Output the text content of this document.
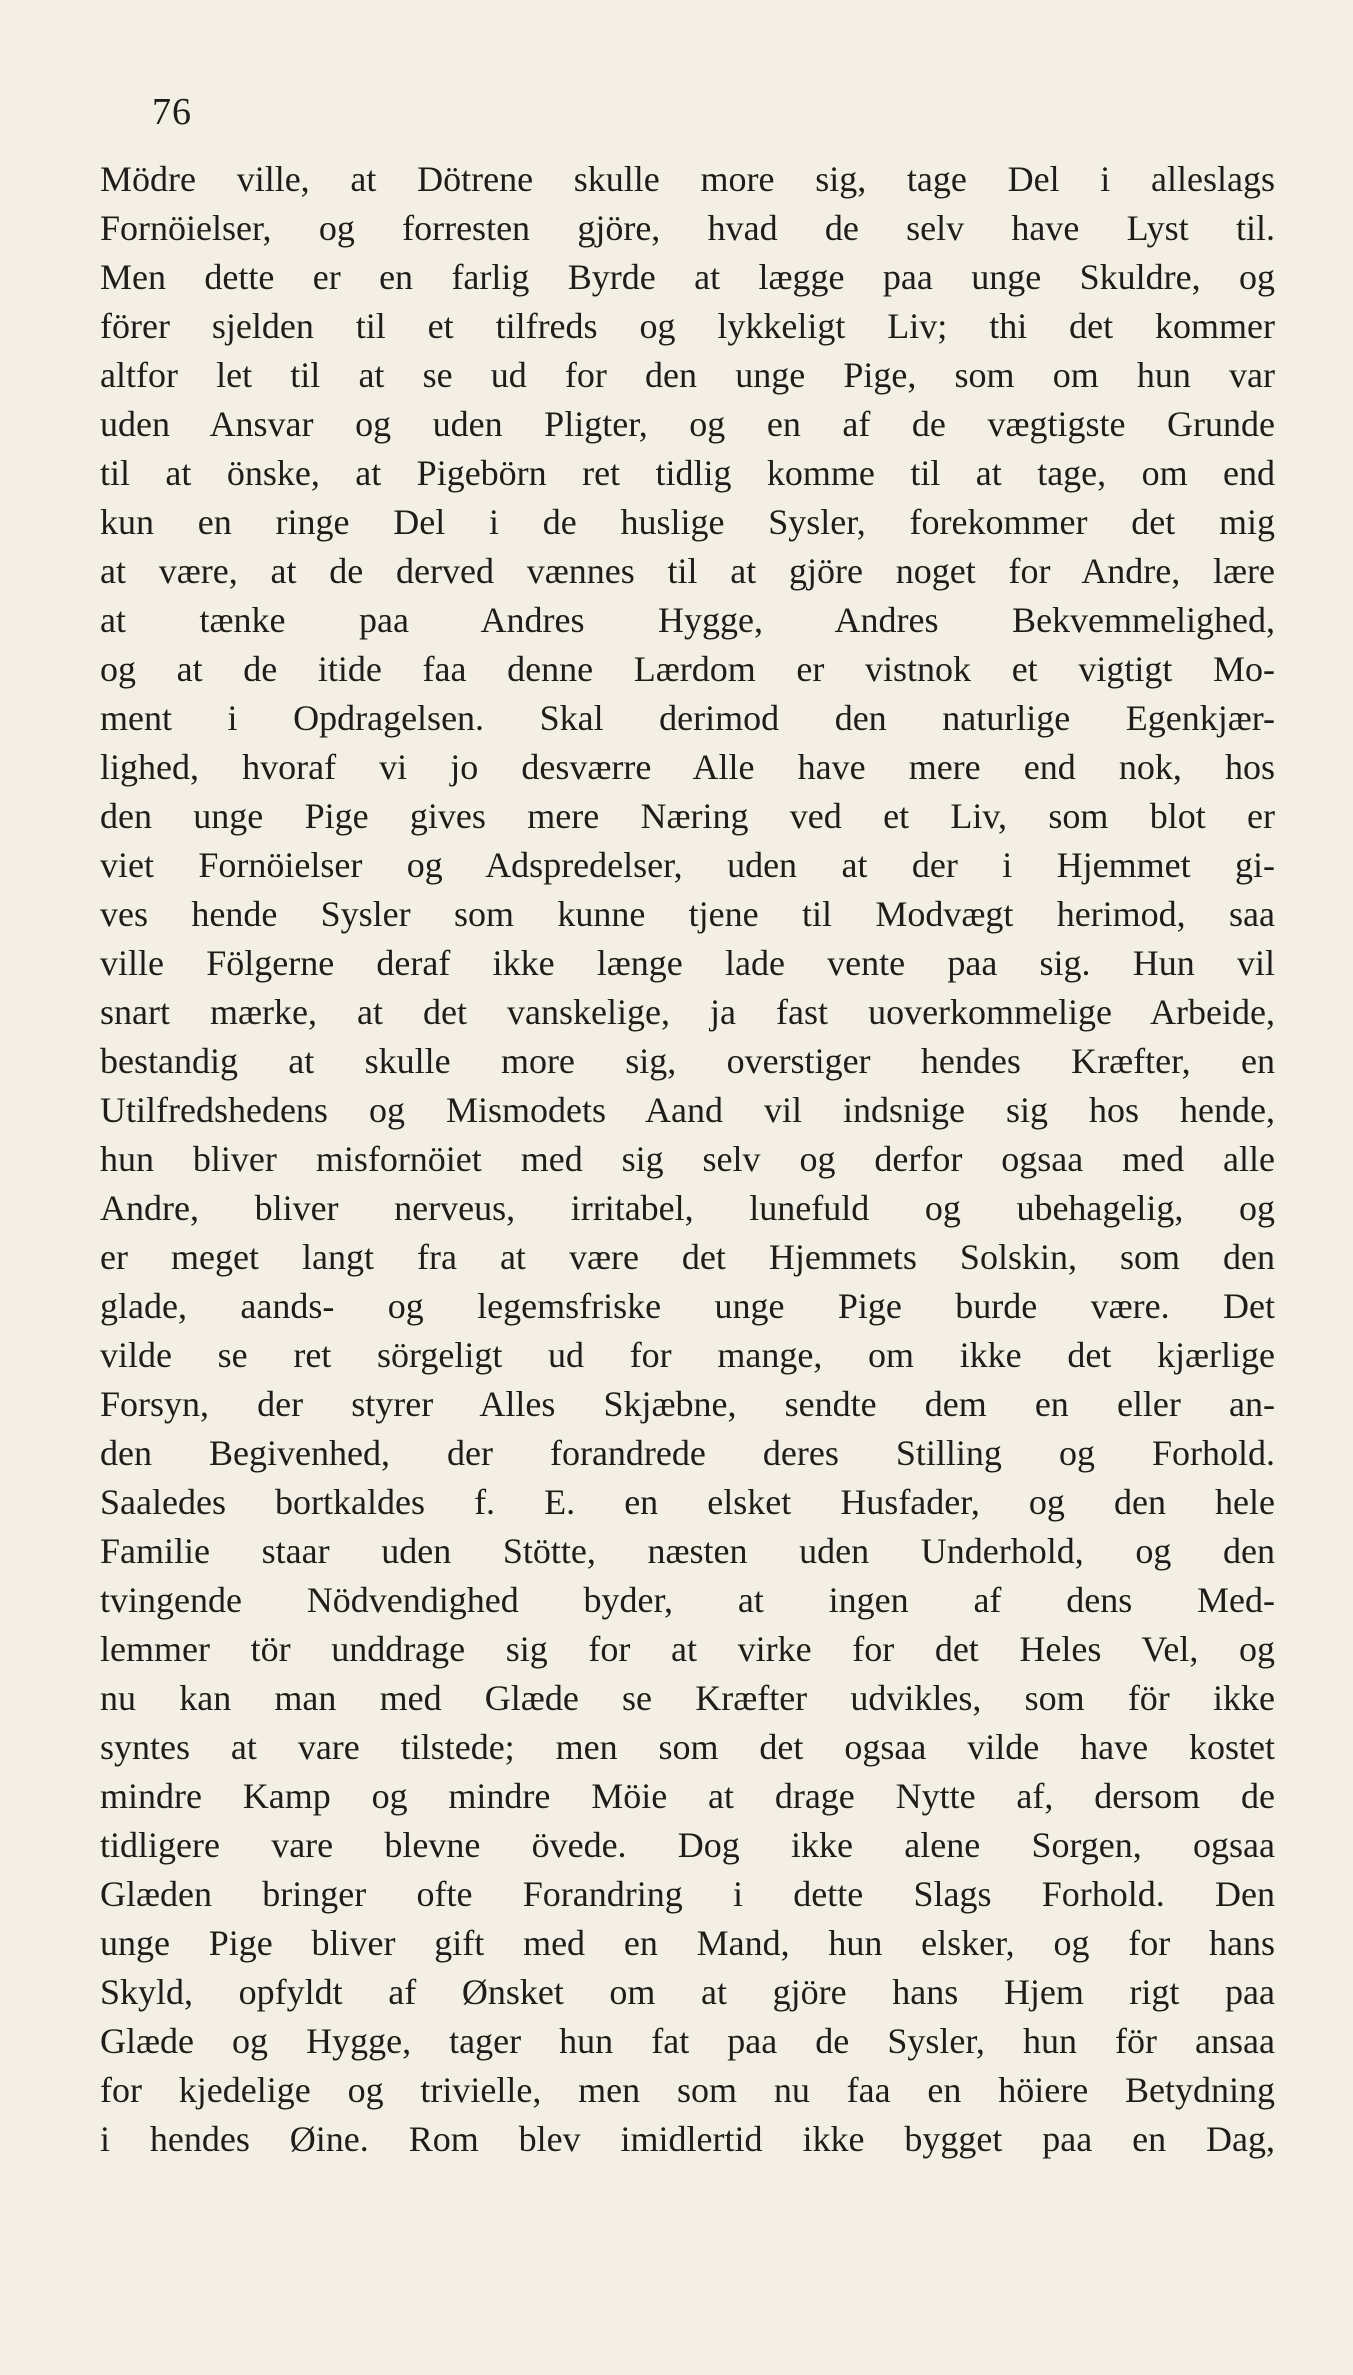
76
Mödre ville, at Dötrene skulle more sig, tage Del i alleslags
Fornöielser, og forresten gjöre, hvad de selv have Lyst til.
Men dette er en farlig Byrde at lægge paa unge Skuldre, og
förer sjelden til et tilfreds og lykkeligt Liv; thi det kommer
altfor let til at se ud for den unge Pige, som om hun var
uden Ansvar og uden Pligter, og en af de vægtigste Grunde
til at önske, at Pigebörn ret tidlig komme til at tage, om end
kun en ringe Del i de huslige Sysler, forekommer det mig
at være, at de derved vænnes til at gjöre noget for Andre, lære
at tænke paa Andres Hygge, Andres Bekvemmelighed,
og at de itide faa denne Lærdom er vistnok et vigtigt Mo-
ment i Opdragelsen. Skal derimod den naturlige Egenkjær-
lighed, hvoraf vi jo desværre Alle have mere end nok, hos
den unge Pige gives mere Næring ved et Liv, som blot er
viet Fornöielser og Adspredelser, uden at der i Hjemmet gi-
ves hende Sysler som kunne tjene til Modvægt herimod, saa
ville Fölgerne deraf ikke længe lade vente paa sig. Hun vil
snart mærke, at det vanskelige, ja fast uoverkommelige Arbeide,
bestandig at skulle more sig, overstiger hendes Kræfter, en
Utilfredshedens og Mismodets Aand vil indsnige sig hos hende,
hun bliver misfornöiet med sig selv og derfor ogsaa med alle
Andre, bliver nerveus, irritabel, lunefuld og ubehagelig, og
er meget langt fra at være det Hjemmets Solskin, som den
glade, aands- og legemsfriske unge Pige burde være. Det
vilde se ret sörgeligt ud for mange, om ikke det kjærlige
Forsyn, der styrer Alles Skjæbne, sendte dem en eller an-
den Begivenhed, der forandrede deres Stilling og Forhold.
Saaledes bortkaldes f. E. en elsket Husfader, og den hele
Familie staar uden Stötte, næsten uden Underhold, og den
tvingende Nödvendighed byder, at ingen af dens Med-
lemmer tör unddrage sig for at virke for det Heles Vel, og
nu kan man med Glæde se Kræfter udvikles, som för ikke
syntes at vare tilstede; men som det ogsaa vilde have kostet
mindre Kamp og mindre Möie at drage Nytte af, dersom de
tidligere vare blevne övede. Dog ikke alene Sorgen, ogsaa
Glæden bringer ofte Forandring i dette Slags Forhold. Den
unge Pige bliver gift med en Mand, hun elsker, og for hans
Skyld, opfyldt af Ønsket om at gjöre hans Hjem rigt paa
Glæde og Hygge, tager hun fat paa de Sysler, hun för ansaa
for kjedelige og trivielle, men som nu faa en höiere Betydning
i hendes Øine. Rom blev imidlertid ikke bygget paa en Dag,
